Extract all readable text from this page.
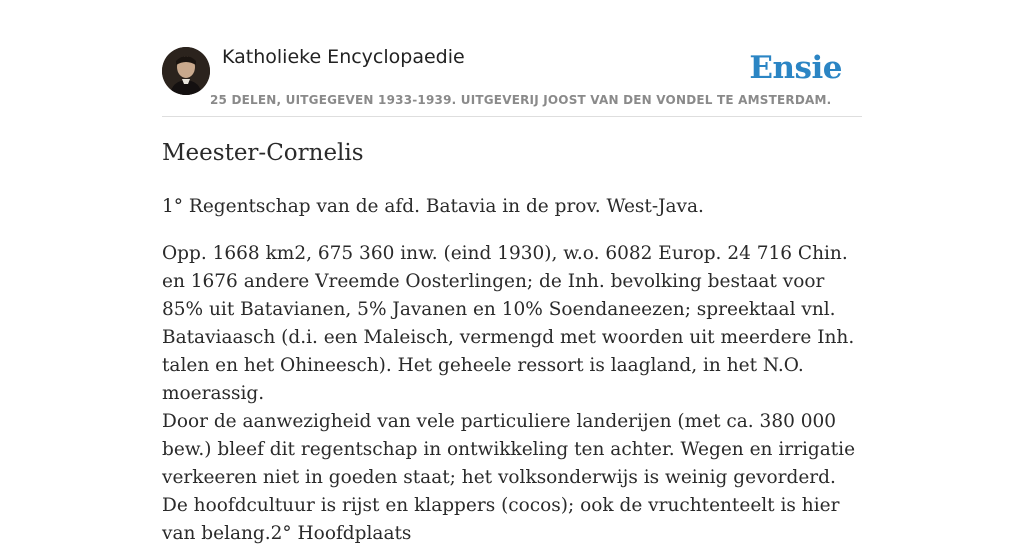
Katholieke Encyclopaedie	Ensie
25 DELEN, UITGEGEVEN 1933-1939. UITGEVERIJ JOOST VAN DEN VONDEL TE AMSTERDAM.
Meester-Cornelis

1° Regentschap van de afd. Batavia in de prov. West-Java.

Opp. 1668 km2, 675 360 inw. (eind 1930), w.o. 6082 Europ. 24 716 Chin. en 1676 andere Vreemde Oosterlingen; de Inh. bevolking bestaat voor 85% uit Batavianen, 5% Javanen en 10% Soendaneezen; spreektaal vnl. Bataviaasch (d.i. een Maleisch, vermengd met woorden uit meerdere Inh. talen en het Ohineesch). Het geheele ressort is laagland, in het N.O. moerassig.

Door de aanwezigheid van vele particuliere landerijen (met ca. 380 000 bew.) bleef dit regentschap in ontwikkeling ten achter. Wegen en irrigatie verkeeren niet in goeden staat; het volksonderwijs is weinig gevorderd. De hoofdcultuur is rijst en klappers (cocos); ook de vruchtenteelt is hier van belang.2° Hoofdplaats
